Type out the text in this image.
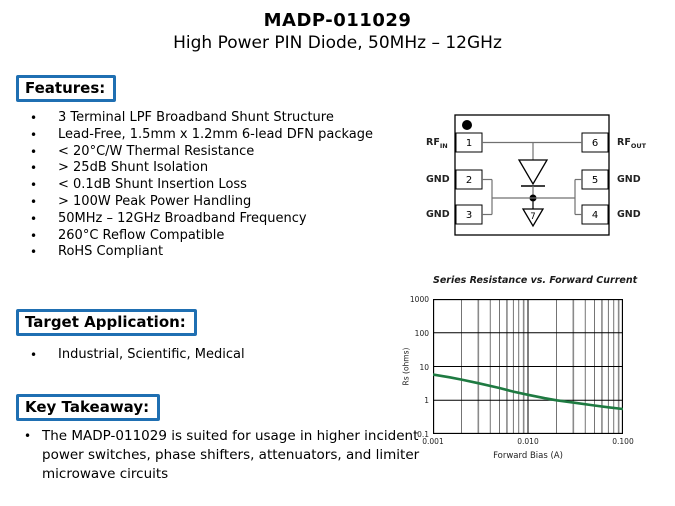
MADP-011029
High Power PIN Diode, 50MHz – 12GHz
Features:
• 3 Terminal LPF Broadband Shunt Structure
• Lead-Free, 1.5mm x 1.2mm 6-lead DFN package
• < 20°C/W Thermal Resistance
• > 25dB Shunt Isolation
• < 0.1dB Shunt Insertion Loss
• > 100W Peak Power Handling
• 50MHz – 12GHz Broadband Frequency
• 260°C Reflow Compatible
• RoHS Compliant
Target Application:
• Industrial, Scientific, Medical
Key Takeaway:
• The MADP-011029 is suited for usage in higher incident power switches, phase shifters, attenuators, and limiter microwave circuits
1
2
3
6
5
4
7
$RF_{IN}$
GND
GND
$RF_{OUT}$
GND
GND
Series Resistance vs. Forward Current
1000
100
10
1
0.1
0.001	0.010	0.100
Rs (ohms)
Forward Bias (A)
